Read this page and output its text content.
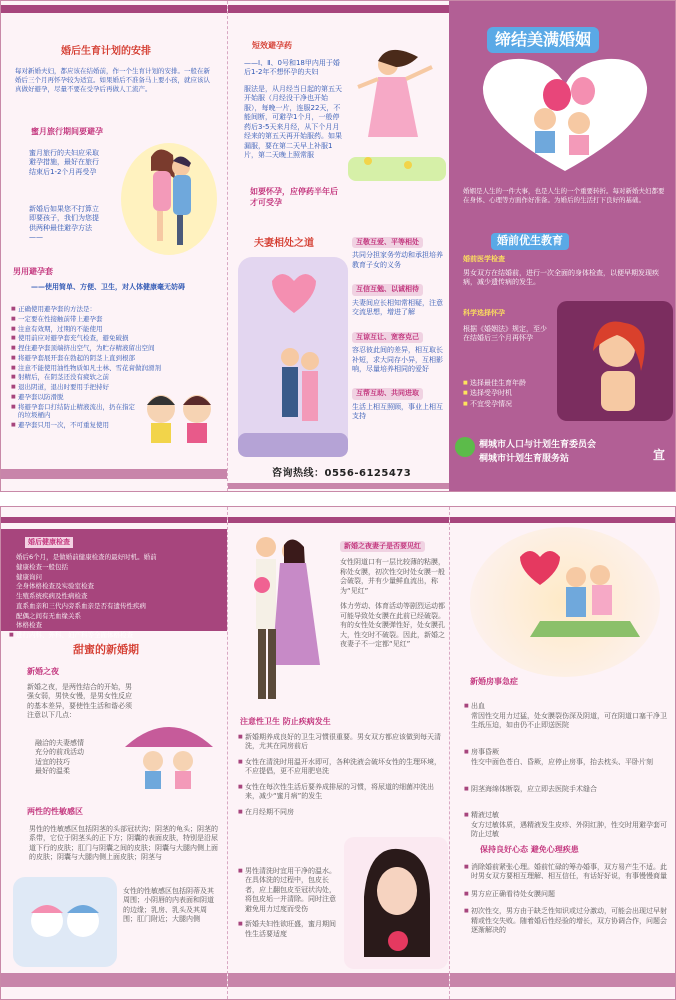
婚后生育计划的安排
每对新婚夫妇，都应该在结婚前，作一个生育计划的安排。一般在新婚后三个月再怀孕较为适宜。如果婚后不准备马上要小孩，就应该认真做好避孕，尽量不要在受孕后再做人工流产。
蜜月旅行期间要避孕
蜜月旅行的夫妇应采取避孕措施，最好在旅行结束后1-2个月再受孕
新婚后如果您不打算立即要孩子，我们为您提供两种最佳避孕方法——
男用避孕套
——使用简单、方便、卫生，对人体健康毫无妨碍
■ 正确使用避孕套的方法是：
■ 一定要在性接触前带上避孕套
■ 注意有效期，过期的不能使用
■ 使用前应对避孕套充气检查，避免破损
■ 捏住避孕套顶端挤出空气，为贮存精液留出空间
■ 将避孕套展开套在勃起的阴茎上直到根部
■ 注意不能使用油性物质如凡士林、雪花膏做润滑剂
■ 射精后，在阴茎还没有疲软之前
■ 退出阴道，退出时要用手把持好
■ 避孕套以防滑脱
■ 将避孕套口打结防止精液流出，扔在指定的垃圾桶内
■ 避孕套只用一次，不可重复使用
短效避孕药
——Ⅰ、Ⅱ、0号和18甲内用于婚后1-2年不想怀孕的夫妇
服法是，从月经当日起的第五天开始服（月经没干净也开始服），每晚一片，连服22天，不能间断，可避孕1个月，一般停药后3-5天来月经，从下个月月经来的第五天再开始服药。如果漏服，要在第二天早上补服1片，第二天晚上照常服
如要怀孕，应停药半年后才可受孕
夫妻相处之道	互敬互爱、平等相处
共同分担家务劳动和承担培养教育子女的义务
互信互勉、以诚相待
夫妻间应长相知常相疑，注意交流思想，增进了解
互谅互让、宽容克己
容忍彼此间的差异，相互取长补短，求大同存小异，互相影响，尽量培养相同的爱好
互帮互助、共同进取
生活上相互照顾，事业上相互支持
咨询热线：0556-6125473
缔结美满婚姻
婚姻是人生的一件大事，也是人生的一个重要转折。每对新婚夫妇都要在身体、心理等方面作好准备。为婚后的生活打下良好的基础。
婚前优生教育
婚前医学检查
男女双方在结婚前，进行一次全面的身体检查，以便早期发现疾病，减少遗传病的发生。
科学选择怀孕
根据《婚姻法》规定，至少在结婚后三个月再怀孕
■ 选择最佳生育年龄
■ 选择受孕时机
■ 不宜受孕情况
桐城市人口与计划生育委员会
桐城市计划生育服务站	宣
婚后健康检查
■ 婚后6个月，是做婚前健康检查的最好时机。婚前
■ 健康检查一般包括
■ 健康询问
■ 全身体格检查及实验室检查
■ 生殖系统疾病及性病检查
■ 直系血亲和三代内旁系血亲是否有遗传性疾病
■ 配偶之间有无血缘关系
■ 体格检查
■ 进行内科、外科、妇产科等全面体格检查
甜蜜的新婚期
新婚之夜
新婚之夜，是两性结合的开始，男强女弱，男快女慢，是男女性反应的基本差异，要使性生活和谐必须注意以下几点：
融洽的夫妻感情
充分的前戏活动
适宜的技巧
最好的温柔
两性的性敏感区
男性的性敏感区包括阴茎的头部冠状沟；阴茎的龟头；阴茎的系带，它位于阴茎头的正下方；阴囊的表面皮肤，特别是沿尿道下行的皮肤；肛门与阴囊之间的皮肤；阴囊与大腿内侧上面的皮肤；阴囊与大腿内侧上面皮肤；阴茎与
女性的性敏感区包括阴蒂及其周围；小阴唇的内表面和阴道的边缘；乳房、乳头及其周围；肛门附近；大腿内侧
新婚之夜妻子是否要见红
女性阴道口有一层比较薄的粘膜，称处女膜，初次性交时处女膜一般会破裂，并有少量鲜血流出，称为“见红”
体力劳动、体育活动等剧烈运动都可能导致处女膜在此前已经破裂。有的女性处女膜弹性好，处女膜孔大，性交时不破裂。因此，新婚之夜妻子不一定都“见红”
注意性卫生 防止疾病发生
■ 新婚期养成良好的卫生习惯很重要。男女双方都应该做到每天清洗，尤其在同房前后
■ 女性在清洗时用温开水即可，各种洗液会破坏女性的生理环境，不应提倡，更不应用肥皂洗
■ 女性在每次性生活后要养成排尿的习惯，将尿道的细菌冲洗出来，减少“蜜月病”的发生
■ 在月经期不同房
■ 男性清洗时宜用干净的温水。在具体洗的过程中，包皮长者，应上翻包皮至冠状沟处，将包皮垢一并清除。同时注意避免用力过度而受伤
■ 新婚夫妇性欲旺盛，蜜月期间性生活要适度
新婚房事急症

■ 出血
常因性交用力过猛，处女膜裂伤深及阴道，可在阴道口塞干净卫生纸压迫，如由仍不止即送医院

■ 房事昏厥
性交中面色苍白、昏厥，应停止房事，抬去枕头、平卧片刻

■ 阴茎海绵体断裂，应立即去医院手术缝合

■ 精液过敏
女方过敏体质，遇精液发生皮疹、外阴红肿，性交时用避孕套可防止过敏

保持良好心态 避免心理疾患
■ 消除婚前紧张心理。婚前忙碌的筹办婚事，双方易产生不适。此时男女双方要相互理解、相互信任，有话好好说，有事慢慢商量
■ 男方应正确看待处女膜问题
■ 初次性交，男方由于缺乏性知识或过分激动，可能会出现过早射精或性交失败。随着婚后性经验的增长，双方协调合作，问题会逐渐解决的
